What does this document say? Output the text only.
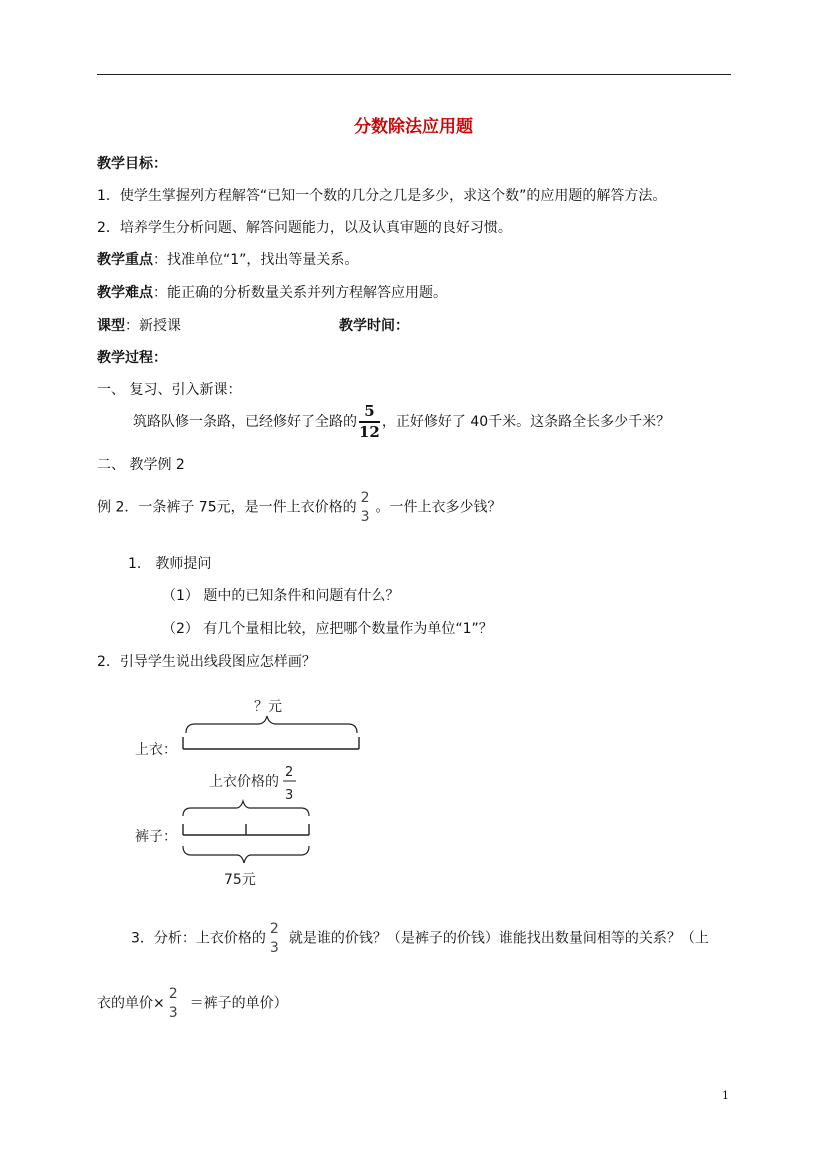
分数除法应用题
教学目标：
1．使学生掌握列方程解答“已知一个数的几分之几是多少，求这个数”的应用题的解答方法。
2．培养学生分析问题、解答问题能力，以及认真审题的良好习惯。
教学重点：找准单位“1”，找出等量关系。
教学难点：能正确的分析数量关系并列方程解答应用题。
课型：新授课	教学时间：
教学过程：
一、 复习、引入新课：
筑路队修一条路，已经修好了全路的 $\frac{5}{12}$ ，正好修好了 40千米。这条路全长多少千米？
二、 教学例 2
例 2．一条裤子 75元，是一件上衣价格的
2
3
。一件上衣多少钱？
1． 教师提问
（1） 题中的已知条件和问题有什么？
（2） 有几个量相比较，应把哪个数量作为单位“1”？
2．引导学生说出线段图应怎样画？
？元
上衣：
上衣价格的
2
3
裤子：
75元
3．分析：上衣价格的
2
3
就是谁的价钱？（是裤子的价钱）谁能找出数量间相等的关系？（上
衣的单价×
2
3
＝裤子的单价）
1
